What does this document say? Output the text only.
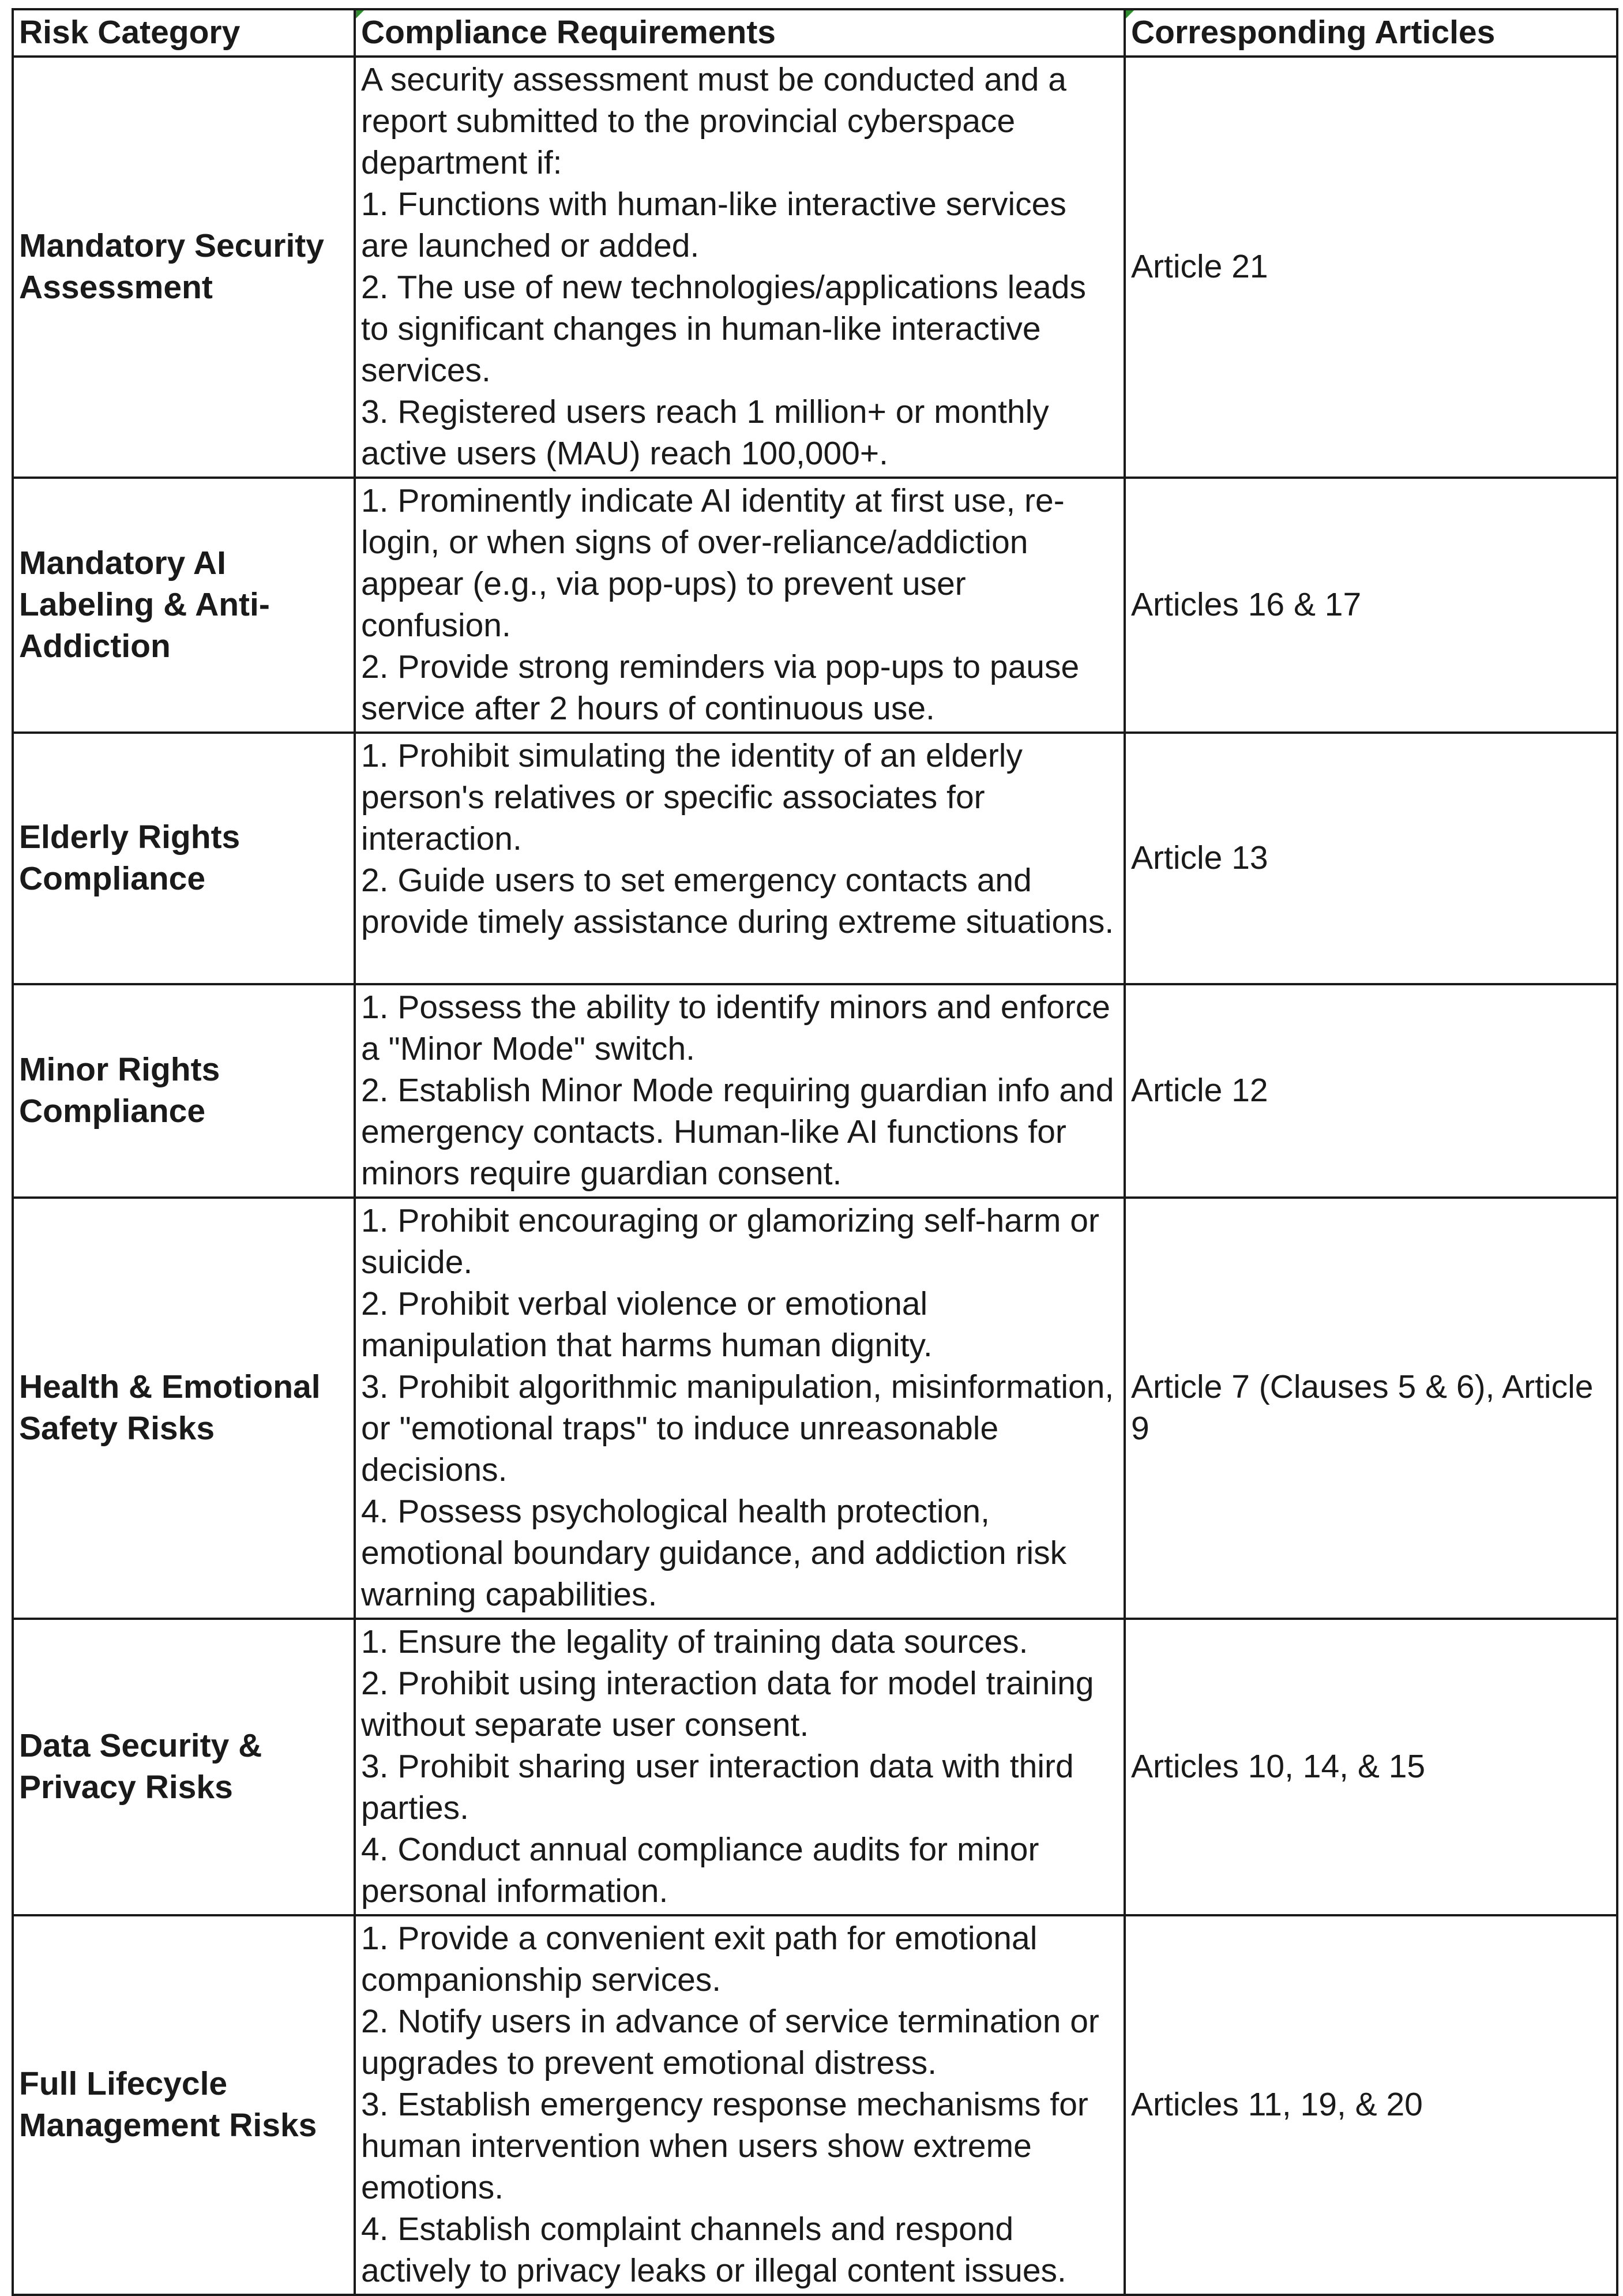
Risk Category	Compliance Requirements	Corresponding Articles
Mandatory Security Assessment	A security assessment must be conducted and a report submitted to the provincial cyberspace department if:
1. Functions with human-like interactive services are launched or added.
2. The use of new technologies/applications leads to significant changes in human-like interactive services.
3. Registered users reach 1 million+ or monthly active users (MAU) reach 100,000+.	Article 21
Mandatory AI Labeling & Anti-Addiction	1. Prominently indicate AI identity at first use, re-login, or when signs of over-reliance/addiction appear (e.g., via pop-ups) to prevent user confusion.
2. Provide strong reminders via pop-ups to pause service after 2 hours of continuous use.	Articles 16 & 17
Elderly Rights Compliance	1. Prohibit simulating the identity of an elderly person's relatives or specific associates for interaction.
2. Guide users to set emergency contacts and provide timely assistance during extreme situations.	Article 13
Minor Rights Compliance	1. Possess the ability to identify minors and enforce a "Minor Mode" switch.
2. Establish Minor Mode requiring guardian info and emergency contacts. Human-like AI functions for minors require guardian consent.	Article 12
Health & Emotional Safety Risks	1. Prohibit encouraging or glamorizing self-harm or suicide.
2. Prohibit verbal violence or emotional manipulation that harms human dignity.
3. Prohibit algorithmic manipulation, misinformation, or "emotional traps" to induce unreasonable decisions.
4. Possess psychological health protection, emotional boundary guidance, and addiction risk warning capabilities.	Article 7 (Clauses 5 & 6), Article 9
Data Security & Privacy Risks	1. Ensure the legality of training data sources.
2. Prohibit using interaction data for model training without separate user consent.
3. Prohibit sharing user interaction data with third parties.
4. Conduct annual compliance audits for minor personal information.	Articles 10, 14, & 15
Full Lifecycle Management Risks	1. Provide a convenient exit path for emotional companionship services.
2. Notify users in advance of service termination or upgrades to prevent emotional distress.
3. Establish emergency response mechanisms for human intervention when users show extreme emotions.
4. Establish complaint channels and respond actively to privacy leaks or illegal content issues.	Articles 11, 19, & 20
